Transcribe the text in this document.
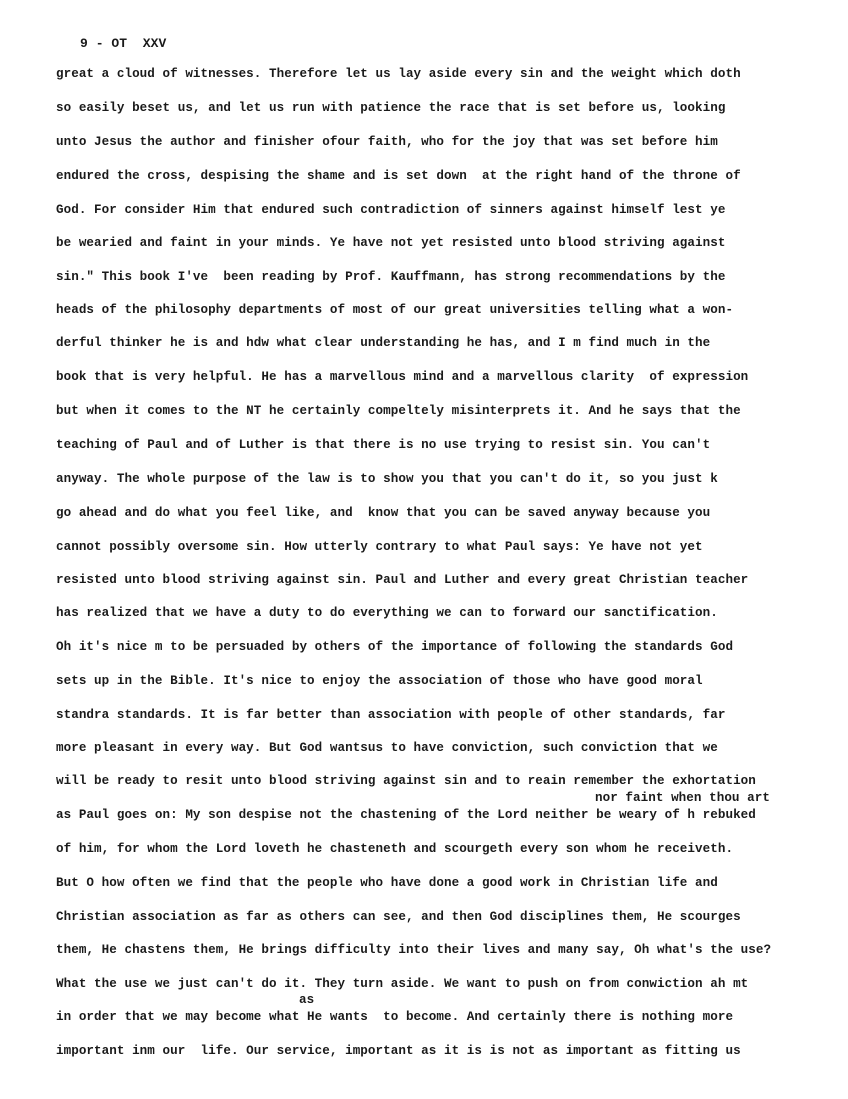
9 - OT  XXV
great a cloud of witnesses. Therefore let us lay aside every sin and the weight which doth
so easily beset us, and let us run with patience the race that is set before us, looking
unto Jesus the author and finisher ofour faith, who for the joy that was set before him
endured the cross, despising the shame and is set down  at the right hand of the throne of
God. For consider Him that endured such contradiction of sinners against himself lest ye
be wearied and faint in your minds. Ye have not yet resisted unto blood striving against
sin." This book I've  been reading by Prof. Kauffmann, has strong recommendations by the
heads of the philosophy departments of most of our great universities telling what a won-
derful thinker he is and hdw what clear understanding he has, and I m find much in the
book that is very helpful. He has a marvellous mind and a marvellous clarity  of expression
but when it comes to the NT he certainly compeltely misinterprets it. And he says that the
teaching of Paul and of Luther is that there is no use trying to resist sin. You can't
anyway. The whole purpose of the law is to show you that you can't do it, so you just k
go ahead and do what you feel like, and  know that you can be saved anyway because you
cannot possibly oversome sin. How utterly contrary to what Paul says: Ye have not yet
resisted unto blood striving against sin. Paul and Luther and every great Christian teacher
has realized that we have a duty to do everything we can to forward our sanctification.
Oh it's nice m to be persuaded by others of the importance of following the standards God
sets up in the Bible. It's nice to enjoy the association of those who have good moral
standra standards. It is far better than association with people of other standards, far
more pleasant in every way. But God wantsus to have conviction, such conviction that we
will be ready to resit unto blood striving against sin and to reain remember the exhortation
nor faint when thou art
as Paul goes on: My son despise not the chastening of the Lord neither be weary of h rebuked
of him, for whom the Lord loveth he chasteneth and scourgeth every son whom he receiveth.
But O how often we find that the people who have done a good work in Christian life and
Christian association as far as others can see, and then God disciplines them, He scourges
them, He chastens them, He brings difficulty into their lives and many say, Oh what's the use?
What the use we just can't do it. They turn aside. We want to push on from conwiction ah mt
as
in order that we may become what He wants  to become. And certainly there is nothing more
important inm our  life. Our service, important as it is is not as important as fitting us
